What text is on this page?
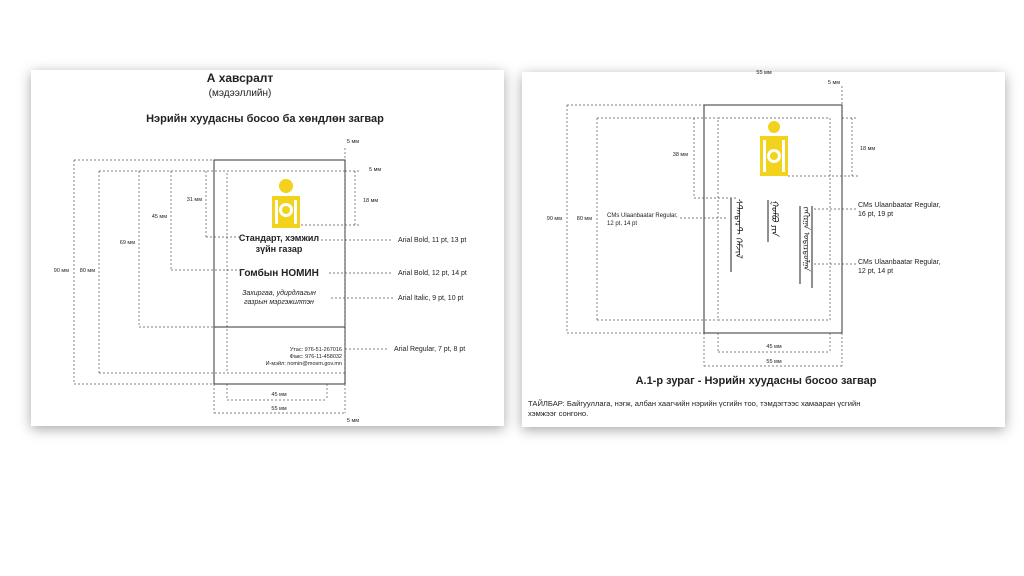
А хавсралт
(мэдээллийн)
Нэрийн хуудасны босоо ба хөндлөн загвар
Стандарт, хэмжил
зүйн газар
Гомбын НОМИН
Захиргаа, удирдлагын
газрын мэргэжилтэн
Утас: 976-51-267016
Факс: 976-11-458032
И-мэйл: nomin@mosm.gov.mn
90 мм 80 мм
69 мм
45 мм
31 мм
5 мм
5 мм
18 мм
Arial Bold, 11 pt, 13 pt
Arial Bold, 12 pt, 14 pt
Arial Italic, 9 pt, 10 pt
Arial Regular, 7 pt, 8 pt
45 мм
55 мм
5 мм
55 мм
ᠰᠲ᠋ᠠᠨᠳᠠᠷᠲ ᠬᠡᠮᠵᠢᠯ	ᠭᠣᠮᠪᠣ ᠶᠢᠨ	ᠵᠠᠬᠢᠷᠭ᠋ᠠ ᠤᠳᠢᠷᠳᠤᠯᠭ᠋ᠠ
90 мм	80 мм
38 мм
CMs Ulaanbaatar Regular,
12 pt, 14 pt
5 мм
18 мм
CMs Ulaanbaatar Regular,
16 pt, 19 pt
CMs Ulaanbaatar Regular,
12 pt, 14 pt
45 мм
55 мм
А.1-р зураг - Нэрийн хуудасны босоо загвар
ТАЙЛБАР: Байгууллага, нэгж, албан хаагчийн нэрийн үсгийн тоо, тэмдэгтээс хамааран үсгийн
хэмжээг сонгоно.
